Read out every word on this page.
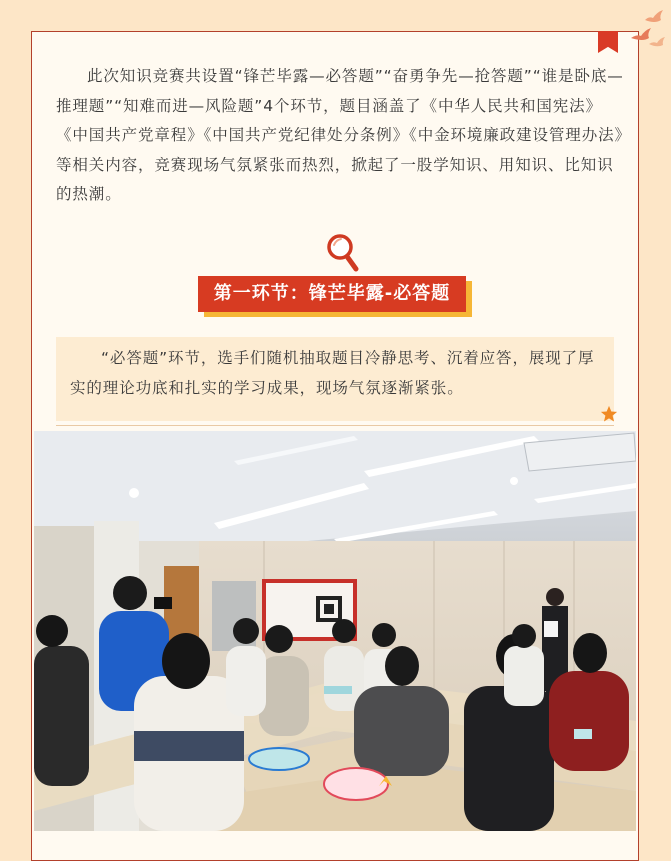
此次知识竞赛共设置“锋芒毕露—必答题”“奋勇争先—抢答题”“谁是卧底—推理题”“知难而进—风险题”4个环节，题目涵盖了《中华人民共和国宪法》《中国共产党章程》《中国共产党纪律处分条例》《中金环境廉政建设管理办法》等相关内容，竞赛现场气氛紧张而热烈，掀起了一股学知识、用知识、比知识的热潮。

第一环节：锋芒毕露-必答题

“必答题”环节，选手们随机抽取题目冷静思考、沉着应答，展现了厚实的理论功底和扎实的学习成果，现场气氛逐渐紧张。
